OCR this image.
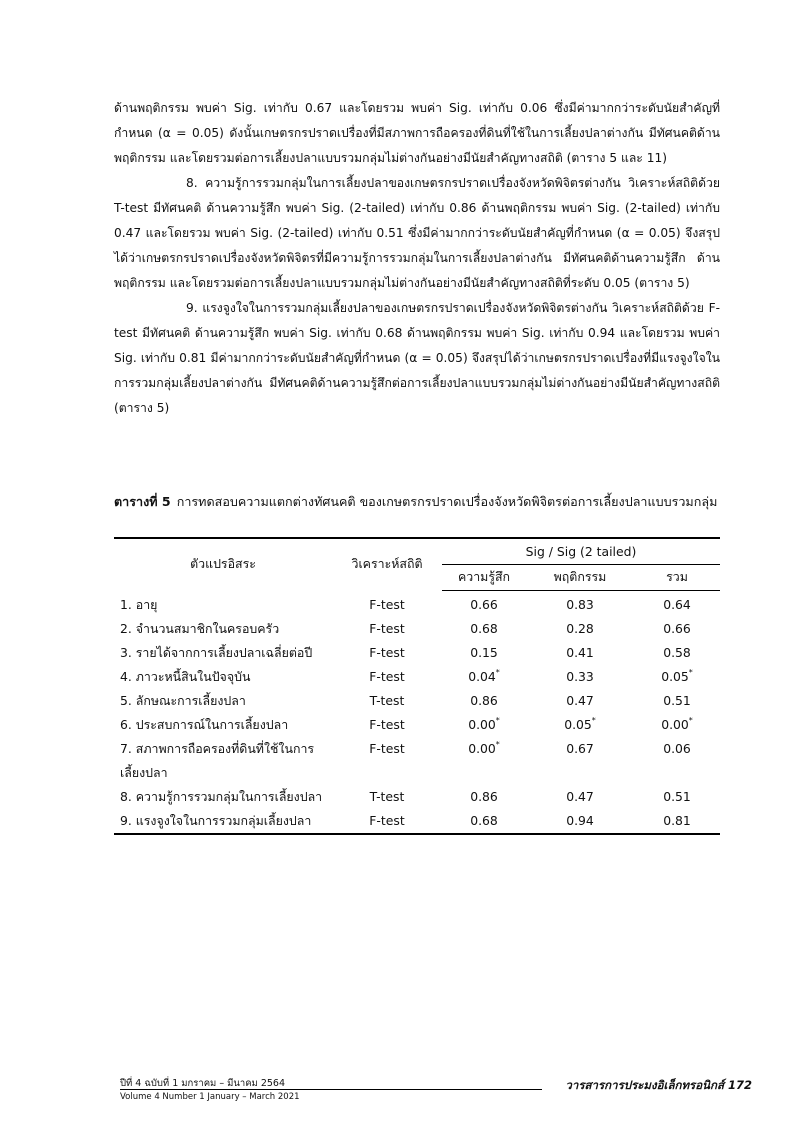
ด้านพฤติกรรม พบค่า Sig. เท่ากับ 0.67 และโดยรวม พบค่า Sig. เท่ากับ 0.06 ซึ่งมีค่ามากกว่าระดับนัยสำคัญที่กำหนด (α = 0.05) ดังนั้นเกษตรกรปราดเปรื่องที่มีสภาพการถือครองที่ดินที่ใช้ในการเลี้ยงปลาต่างกัน มีทัศนคติด้านพฤติกรรม และโดยรวมต่อการเลี้ยงปลาแบบรวมกลุ่มไม่ต่างกันอย่างมีนัยสำคัญทางสถิติ (ตาราง 5 และ 11)

8. ความรู้การรวมกลุ่มในการเลี้ยงปลาของเกษตรกรปราดเปรื่องจังหวัดพิจิตรต่างกัน วิเคราะห์สถิติด้วย T-test มีทัศนคติ ด้านความรู้สึก พบค่า Sig. (2-tailed) เท่ากับ 0.86 ด้านพฤติกรรม พบค่า Sig. (2-tailed) เท่ากับ 0.47 และโดยรวม พบค่า Sig. (2-tailed) เท่ากับ 0.51 ซึ่งมีค่ามากกว่าระดับนัยสำคัญที่กำหนด (α = 0.05) จึงสรุปได้ว่าเกษตรกรปราดเปรื่องจังหวัดพิจิตรที่มีความรู้การรวมกลุ่มในการเลี้ยงปลาต่างกัน มีทัศนคติด้านความรู้สึก ด้านพฤติกรรม และโดยรวมต่อการเลี้ยงปลาแบบรวมกลุ่มไม่ต่างกันอย่างมีนัยสำคัญทางสถิติที่ระดับ 0.05 (ตาราง 5)

9. แรงจูงใจในการรวมกลุ่มเลี้ยงปลาของเกษตรกรปราดเปรื่องจังหวัดพิจิตรต่างกัน วิเคราะห์สถิติด้วย F-test มีทัศนคติ ด้านความรู้สึก พบค่า Sig. เท่ากับ 0.68 ด้านพฤติกรรม พบค่า Sig. เท่ากับ 0.94 และโดยรวม พบค่า Sig. เท่ากับ 0.81 มีค่ามากกว่าระดับนัยสำคัญที่กำหนด (α = 0.05) จึงสรุปได้ว่าเกษตรกรปราดเปรื่องที่มีแรงจูงใจในการรวมกลุ่มเลี้ยงปลาต่างกัน มีทัศนคติด้านความรู้สึกต่อการเลี้ยงปลาแบบรวมกลุ่มไม่ต่างกันอย่างมีนัยสำคัญทางสถิติ (ตาราง 5)

ตารางที่ 5 การทดสอบความแตกต่างทัศนคติ ของเกษตรกรปราดเปรื่องจังหวัดพิจิตรต่อการเลี้ยงปลาแบบรวมกลุ่ม
ตัวแปรอิสระ	วิเคราะห์สถิติ	Sig / Sig (2 tailed)		
		ความรู้สึก	พฤติกรรม	รวม
1. อายุ	F-test	0.66	0.83	0.64
2. จำนวนสมาชิกในครอบครัว	F-test	0.68	0.28	0.66
3. รายได้จากการเลี้ยงปลาเฉลี่ยต่อปี	F-test	0.15	0.41	0.58
4. ภาวะหนี้สินในปัจจุบัน	F-test	0.04*	0.33	0.05*
5. ลักษณะการเลี้ยงปลา	T-test	0.86	0.47	0.51
6. ประสบการณ์ในการเลี้ยงปลา	F-test	0.00*	0.05*	0.00*
7. สภาพการถือครองที่ดินที่ใช้ในการเลี้ยงปลา	F-test	0.00*	0.67	0.06
8. ความรู้การรวมกลุ่มในการเลี้ยงปลา	T-test	0.86	0.47	0.51
9. แรงจูงใจในการรวมกลุ่มเลี้ยงปลา	F-test	0.68	0.94	0.81
ปีที่ 4 ฉบับที่ 1 มกราคม – มีนาคม 2564
Volume 4 Number 1 January – March 2021
วารสารการประมงอิเล็กทรอนิกส์ 172
